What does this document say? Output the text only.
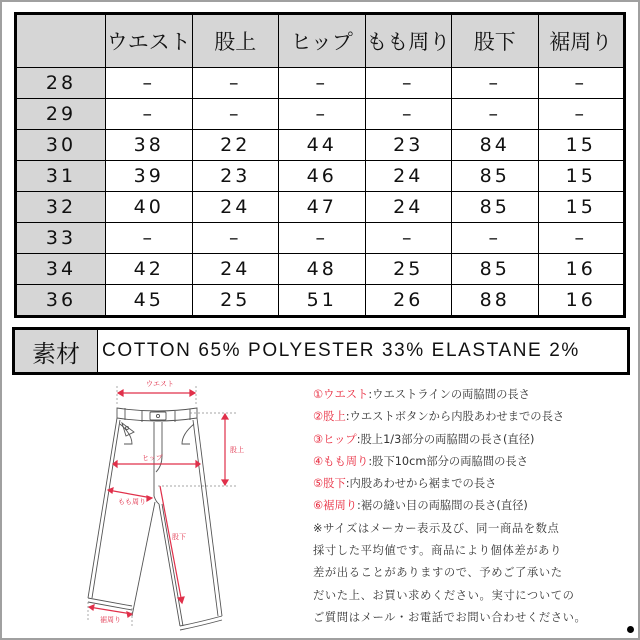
	ウエスト	股上	ヒップ	もも周り	股下	裾周り
28	–	–	–	–	–	–
29	–	–	–	–	–	–
30	38	22	44	23	84	15
31	39	23	46	24	85	15
32	40	24	47	24	85	15
33	–	–	–	–	–	–
34	42	24	48	25	85	16
36	45	25	51	26	88	16
素材	COTTON 65% POLYESTER 33% ELASTANE 2%
ウエスト
股上
ヒップ
もも周り
股下
裾周り
①ウエスト:ウエストラインの両脇間の長さ
②股上:ウエストボタンから内股あわせまでの長さ
③ヒップ:股上1/3部分の両脇間の長さ(直径)
④もも周り:股下10cm部分の両脇間の長さ
⑤股下:内股あわせから裾までの長さ
⑥裾周り:裾の縫い目の両脇間の長さ(直径)
※サイズはメーカー表示及び、同一商品を数点
採寸した平均値です。商品により個体差があり
差が出ることがありますので、予めご了承いた
だいた上、お買い求めください。実寸についての
ご質問はメール・お電話でお問い合わせください。
